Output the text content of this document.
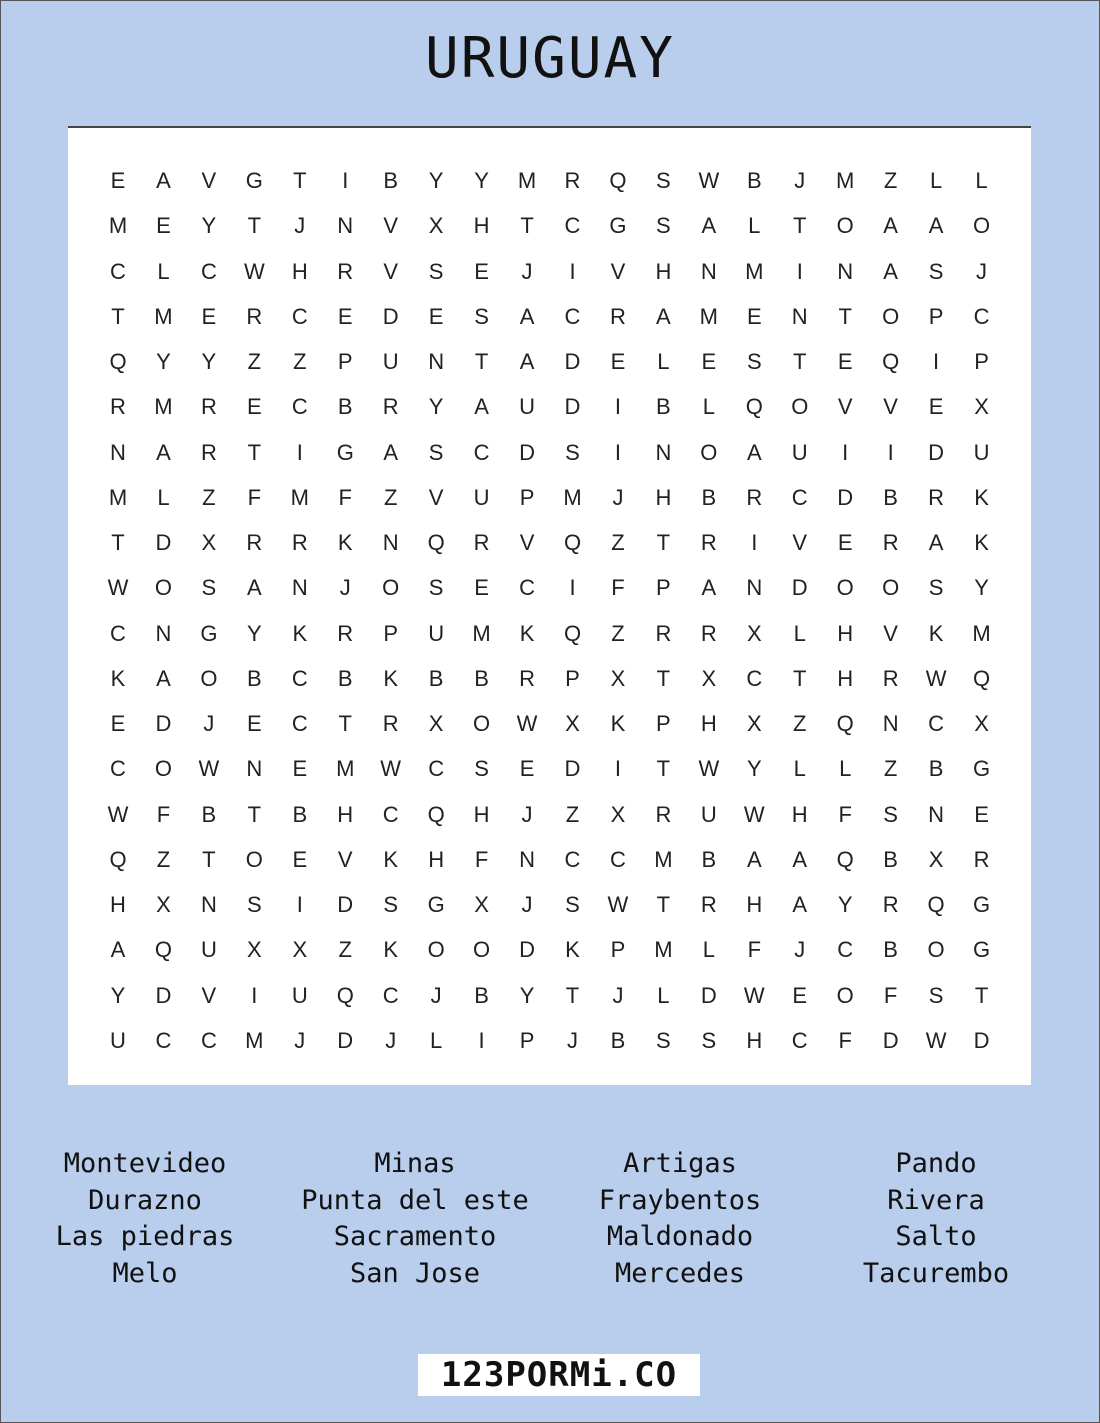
URUGUAY
E	A	V	G	T	I	B	Y	Y	M	R	Q	S	W	B	J	M	Z	L	L
M	E	Y	T	J	N	V	X	H	T	C	G	S	A	L	T	O	A	A	O
C	L	C	W	H	R	V	S	E	J	I	V	H	N	M	I	N	A	S	J
T	M	E	R	C	E	D	E	S	A	C	R	A	M	E	N	T	O	P	C
Q	Y	Y	Z	Z	P	U	N	T	A	D	E	L	E	S	T	E	Q	I	P
R	M	R	E	C	B	R	Y	A	U	D	I	B	L	Q	O	V	V	E	X
N	A	R	T	I	G	A	S	C	D	S	I	N	O	A	U	I	I	D	U
M	L	Z	F	M	F	Z	V	U	P	M	J	H	B	R	C	D	B	R	K
T	D	X	R	R	K	N	Q	R	V	Q	Z	T	R	I	V	E	R	A	K
W	O	S	A	N	J	O	S	E	C	I	F	P	A	N	D	O	O	S	Y
C	N	G	Y	K	R	P	U	M	K	Q	Z	R	R	X	L	H	V	K	M
K	A	O	B	C	B	K	B	B	R	P	X	T	X	C	T	H	R	W	Q
E	D	J	E	C	T	R	X	O	W	X	K	P	H	X	Z	Q	N	C	X
C	O	W	N	E	M	W	C	S	E	D	I	T	W	Y	L	L	Z	B	G
W	F	B	T	B	H	C	Q	H	J	Z	X	R	U	W	H	F	S	N	E
Q	Z	T	O	E	V	K	H	F	N	C	C	M	B	A	A	Q	B	X	R
H	X	N	S	I	D	S	G	X	J	S	W	T	R	H	A	Y	R	Q	G
A	Q	U	X	X	Z	K	O	O	D	K	P	M	L	F	J	C	B	O	G
Y	D	V	I	U	Q	C	J	B	Y	T	J	L	D	W	E	O	F	S	T
U	C	C	M	J	D	J	L	I	P	J	B	S	S	H	C	F	D	W	D
Montevideo
Durazno
Las piedras
Melo
Minas
Punta del este
Sacramento
San Jose
Artigas
Fraybentos
Maldonado
Mercedes
Pando
Rivera
Salto
Tacurembo
123PORMi.CO
